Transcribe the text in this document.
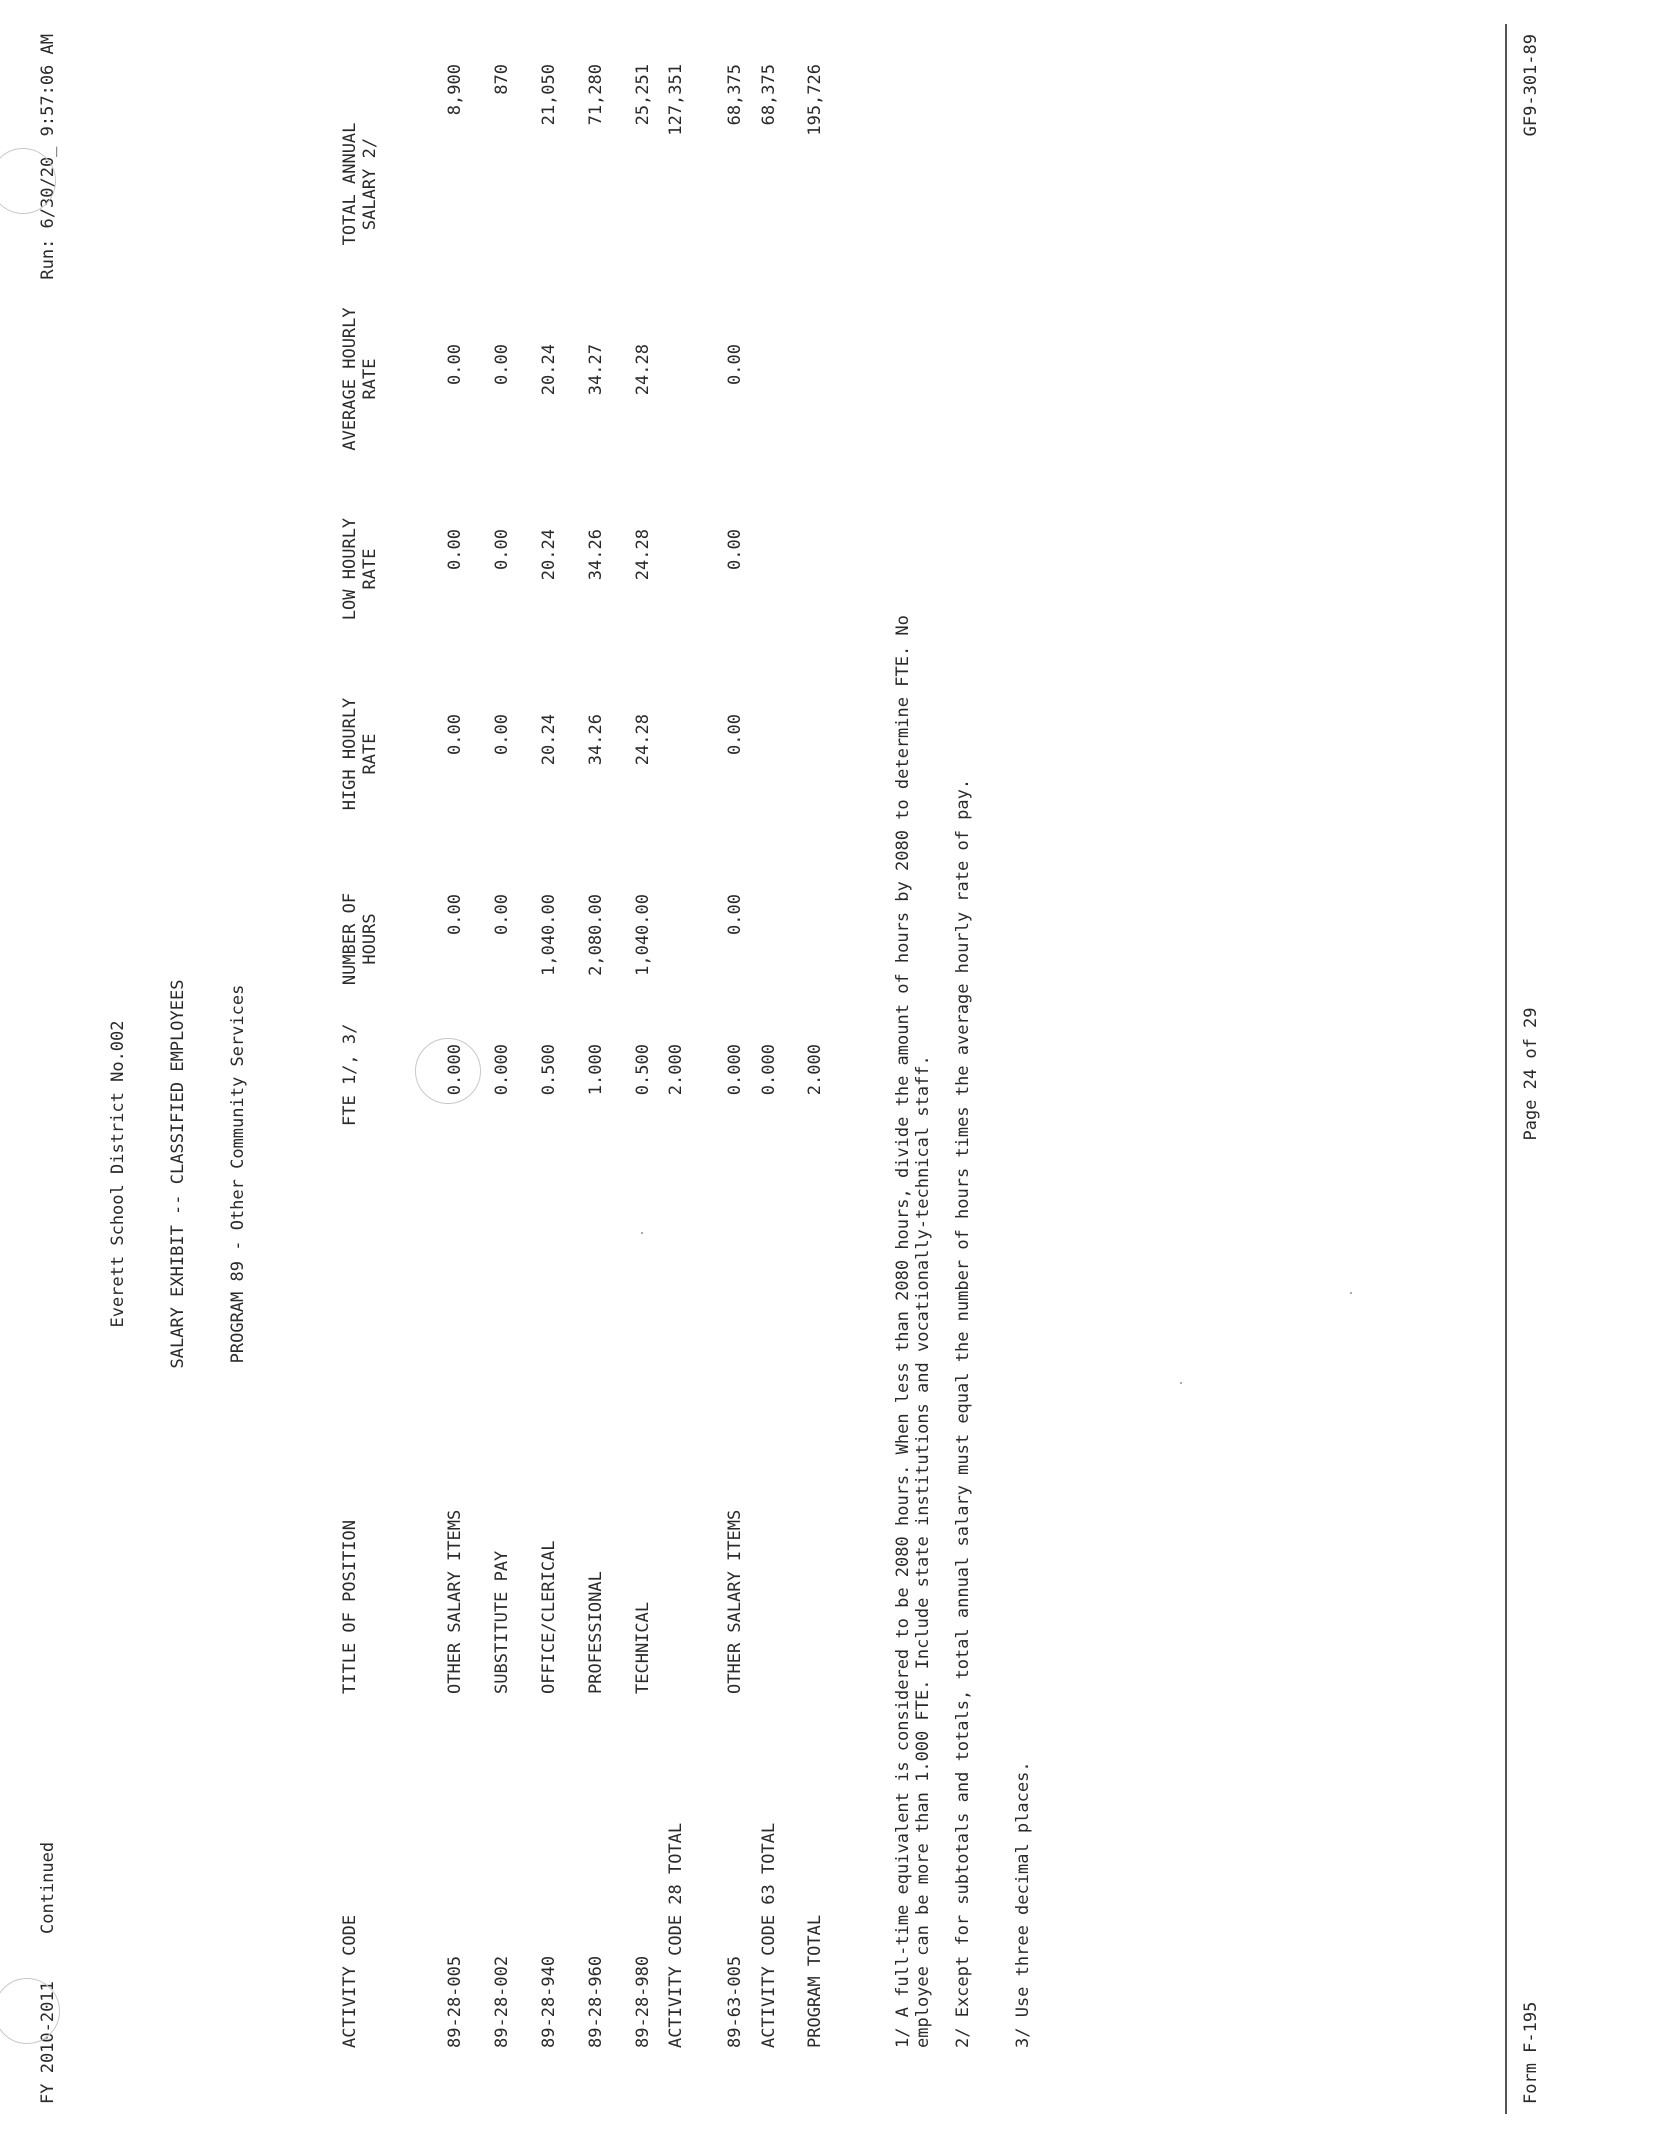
FY 2010-2011
Continued
Run: 6/30/20_ 9:57:06 AM
Everett School District No.002 SALARY EXHIBIT -- CLASSIFIED EMPLOYEES PROGRAM 89 - Other Community Services
ACTIVITY CODE
TITLE OF POSITION
FTE 1/, 3/
NUMBER OF HOURS
HIGH HOURLY RATE
LOW HOURLY RATE
AVERAGE HOURLY RATE
TOTAL ANNUAL SALARY 2/
89-28-005
OTHER SALARY ITEMS
0.000
0.00
0.00
0.00
0.00
8,900
89-28-002
SUBSTITUTE PAY
0.000
0.00
0.00
0.00
0.00
870
89-28-940
OFFICE/CLERICAL
0.500
1,040.00
20.24
20.24
20.24
21,050
89-28-960
PROFESSIONAL
1.000
2,080.00
34.26
34.26
34.27
71,280
89-28-980
TECHNICAL
0.500
1,040.00
24.28
24.28
24.28
25,251
ACTIVITY CODE 28 TOTAL
2.000
127,351
89-63-005
OTHER SALARY ITEMS
0.000
0.00
0.00
0.00
0.00
68,375
ACTIVITY CODE 63 TOTAL
0.000
68,375
PROGRAM TOTAL
2.000
195,726
1/ A full-time equivalent is considered to be 2080 hours. When less than 2080 hours, divide the amount of hours by 2080 to determine FTE. No employee can be more than 1.000 FTE. Include state institutions and vocationally-technical staff. 2/ Except for subtotals and totals, total annual salary must equal the number of hours times the average hourly rate of pay. 3/ Use three decimal places.
Form F-195
Page 24 of 29
GF9-301-89
